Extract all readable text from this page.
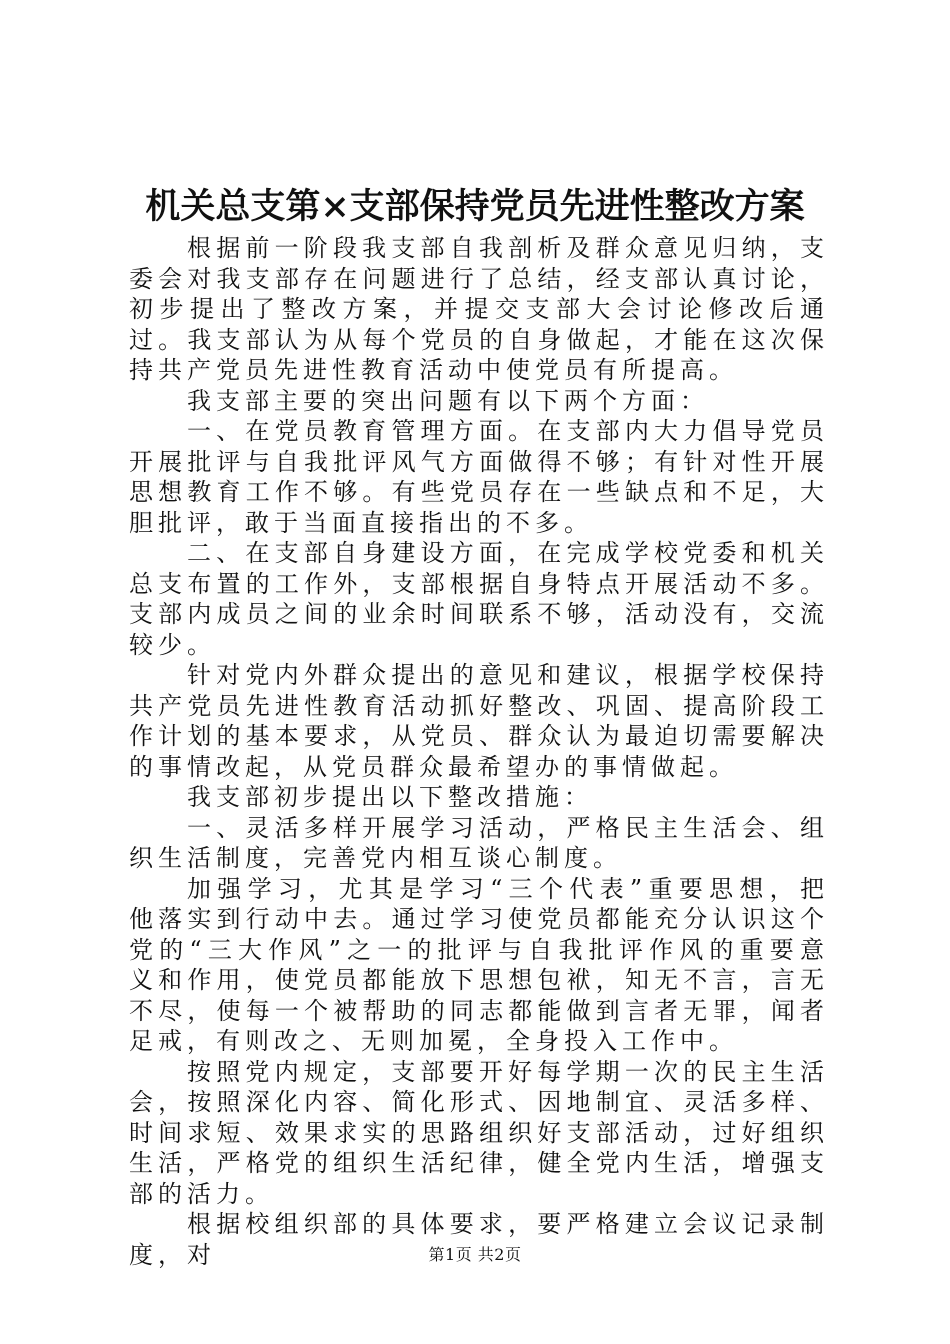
机关总支第×支部保持党员先进性整改方案

根据前一阶段我支部自我剖析及群众意见归纳，支委会对我支部存在问题进行了总结，经支部认真讨论，初步提出了整改方案，并提交支部大会讨论修改后通过。我支部认为从每个党员的自身做起，才能在这次保持共产党员先进性教育活动中使党员有所提高。

我支部主要的突出问题有以下两个方面：

一、在党员教育管理方面。在支部内大力倡导党员开展批评与自我批评风气方面做得不够；有针对性开展思想教育工作不够。有些党员存在一些缺点和不足，大胆批评，敢于当面直接指出的不多。

二、在支部自身建设方面，在完成学校党委和机关总支布置的工作外，支部根据自身特点开展活动不多。支部内成员之间的业余时间联系不够，活动没有，交流较少。

针对党内外群众提出的意见和建议，根据学校保持共产党员先进性教育活动抓好整改、巩固、提高阶段工作计划的基本要求，从党员、群众认为最迫切需要解决的事情改起，从党员群众最希望办的事情做起。

我支部初步提出以下整改措施：

一、灵活多样开展学习活动，严格民主生活会、组织生活制度，完善党内相互谈心制度。

加强学习，尤其是学习“三个代表”重要思想，把他落实到行动中去。通过学习使党员都能充分认识这个党的“三大作风”之一的批评与自我批评作风的重要意义和作用，使党员都能放下思想包袱，知无不言，言无不尽，使每一个被帮助的同志都能做到言者无罪，闻者足戒，有则改之、无则加冕，全身投入工作中。

按照党内规定，支部要开好每学期一次的民主生活会，按照深化内容、简化形式、因地制宜、灵活多样、时间求短、效果求实的思路组织好支部活动，过好组织生活，严格党的组织生活纪律，健全党内生活，增强支部的活力。

根据校组织部的具体要求，要严格建立会议记录制度，对	第1页 共2页
